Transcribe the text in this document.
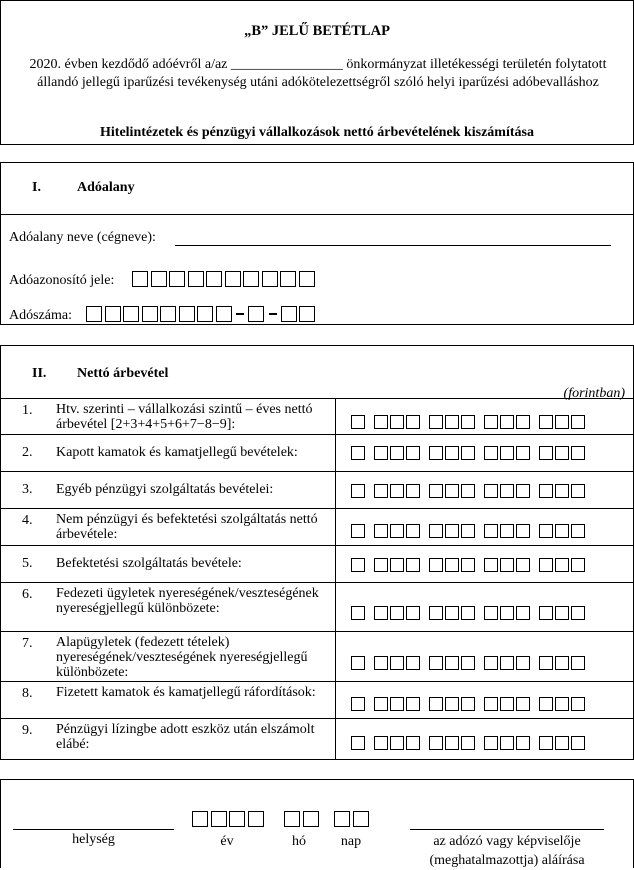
„B” JELŰ BETÉTLAP
2020. évben kezdődő adóévről a/az ________________ önkormányzat illetékességi területén folytatott állandó jellegű iparűzési tevékenység utáni adókötelezettségről szóló helyi iparűzési adóbevalláshoz
Hitelintézetek és pénzügyi vállalkozások nettó árbevételének kiszámítása
I.	Adóalany
Adóalany neve (cégneve):
Adóazonosító jele:
Adószáma:
II. Nettó árbevétel
(forintban)
1. Htv. szerinti – vállalkozási szintű – éves nettó árbevétel [2+3+4+5+6+7−8−9]:
2. Kapott kamatok és kamatjellegű bevételek:
3. Egyéb pénzügyi szolgáltatás bevételei:
4. Nem pénzügyi és befektetési szolgáltatás nettó árbevétele:
5. Befektetési szolgáltatás bevétele:
6. Fedezeti ügyletek nyereségének/veszteségének nyereségjellegű különbözete:
7. Alapügyletek (fedezett tételek) nyereségének/veszteségének nyereségjellegű különbözete:
8. Fizetett kamatok és kamatjellegű ráfordítások:
9. Pénzügyi lízingbe adott eszköz után elszámolt elábé:
helység	év	hó	nap	az adózó vagy képviselője (meghatalmazottja) aláírása
